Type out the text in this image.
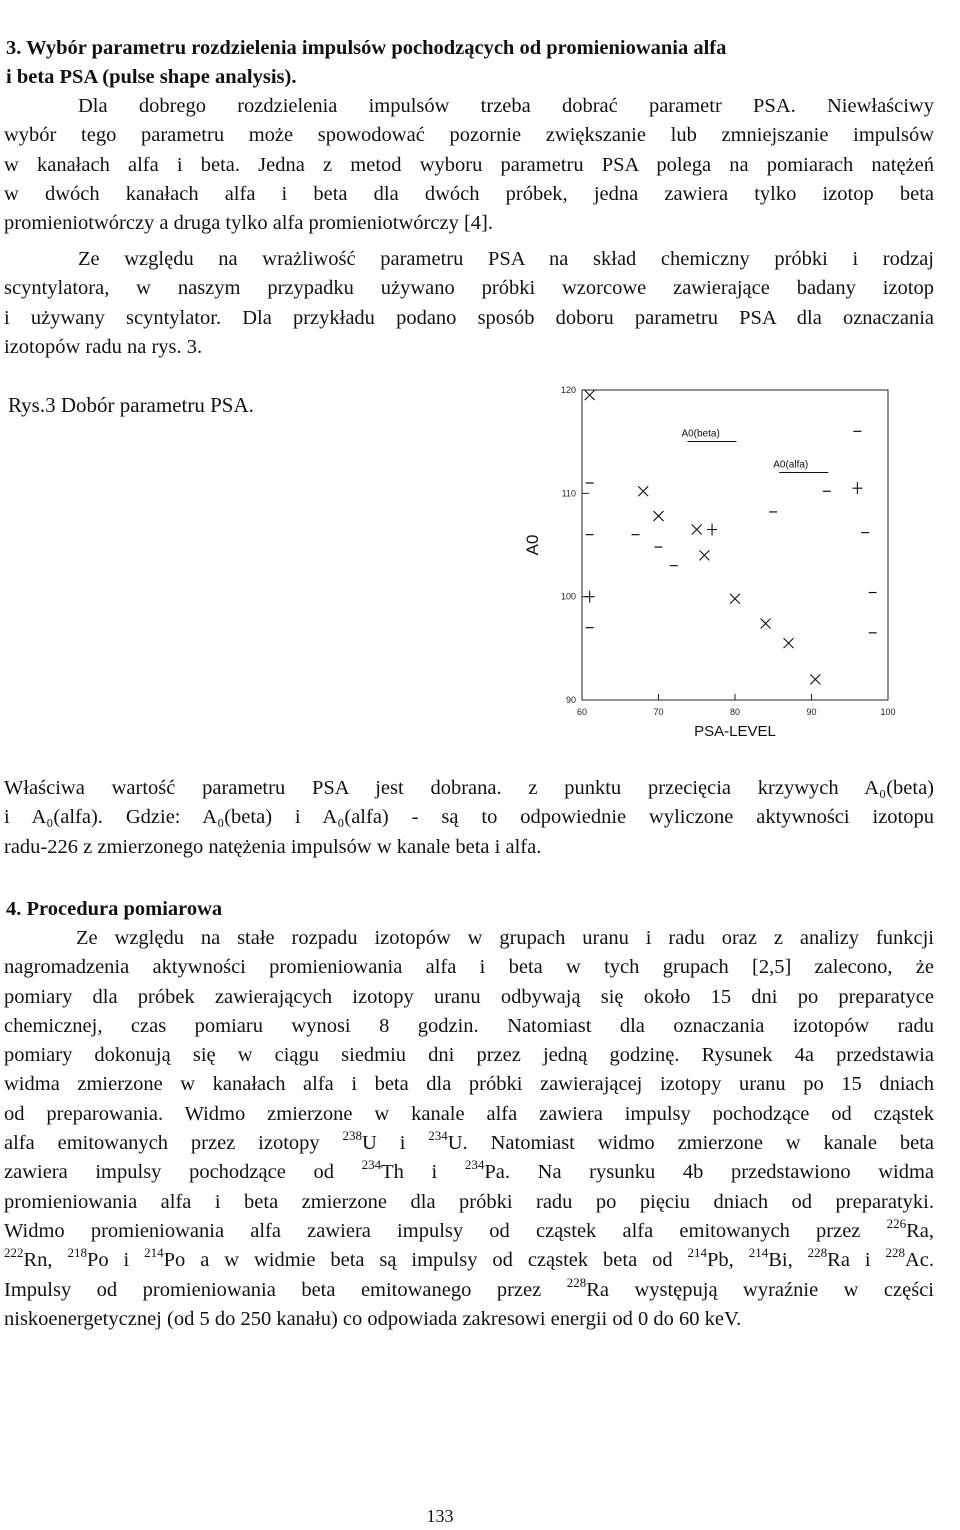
3. Wybór parametru rozdzielenia impulsów pochodzących od promieniowania alfa
i beta PSA (pulse shape analysis).
Dla dobrego rozdzielenia impulsów trzeba dobrać parametr PSA. Niewłaściwy
wybór tego parametru może spowodować pozornie zwiększanie lub zmniejszanie impulsów
w kanałach alfa i beta. Jedna z metod wyboru parametru PSA polega na pomiarach natężeń
w dwóch kanałach alfa i beta dla dwóch próbek, jedna zawiera tylko izotop beta
promieniotwórczy a druga tylko alfa promieniotwórczy [4].
Ze względu na wrażliwość parametru PSA na skład chemiczny próbki i rodzaj
scyntylatora, w naszym przypadku używano próbki wzorcowe zawierające badany izotop
i używany scyntylator. Dla przykładu podano sposób doboru parametru PSA dla oznaczania
izotopów radu na rys. 3.
Rys.3 Dobór parametru PSA.
60	70	80	90	100
90
100
110
120
PSA-LEVEL
A0
A0(beta)
A0(alfa)
Właściwa wartość parametru PSA jest dobrana. z punktu przecięcia krzywych A₀(beta)
i A₀(alfa). Gdzie: A₀(beta) i A₀(alfa) - są to odpowiednie wyliczone aktywności izotopu
radu-226 z zmierzonego natężenia impulsów w kanale beta i alfa.
4. Procedura pomiarowa
Ze względu na stałe rozpadu izotopów w grupach uranu i radu oraz z analizy funkcji
nagromadzenia aktywności promieniowania alfa i beta w tych grupach [2,5] zalecono, że
pomiary dla próbek zawierających izotopy uranu odbywają się około 15 dni po preparatyce
chemicznej, czas pomiaru wynosi 8 godzin. Natomiast dla oznaczania izotopów radu
pomiary dokonują się w ciągu siedmiu dni przez jedną godzinę. Rysunek 4a przedstawia
widma zmierzone w kanałach alfa i beta dla próbki zawierającej izotopy uranu po 15 dniach
od preparowania. Widmo zmierzone w kanale alfa zawiera impulsy pochodzące od cząstek
alfa emitowanych przez izotopy $^{238}$U i $^{234}$U. Natomiast widmo zmierzone w kanale beta
zawiera impulsy pochodzące od $^{234}$Th i $^{234}$Pa. Na rysunku 4b przedstawiono widma
promieniowania alfa i beta zmierzone dla próbki radu po pięciu dniach od preparatyki.
Widmo promieniowania alfa zawiera impulsy od cząstek alfa emitowanych przez $^{226}$Ra,
$^{222}$Rn, $^{218}$Po i $^{214}$Po a w widmie beta są impulsy od cząstek beta od $^{214}$Pb, $^{214}$Bi, $^{228}$Ra i $^{228}$Ac.
Impulsy od promieniowania beta emitowanego przez $^{228}$Ra występują wyraźnie w części
niskoenergetycznej (od 5 do 250 kanału) co odpowiada zakresowi energii od 0 do 60 keV.
133
